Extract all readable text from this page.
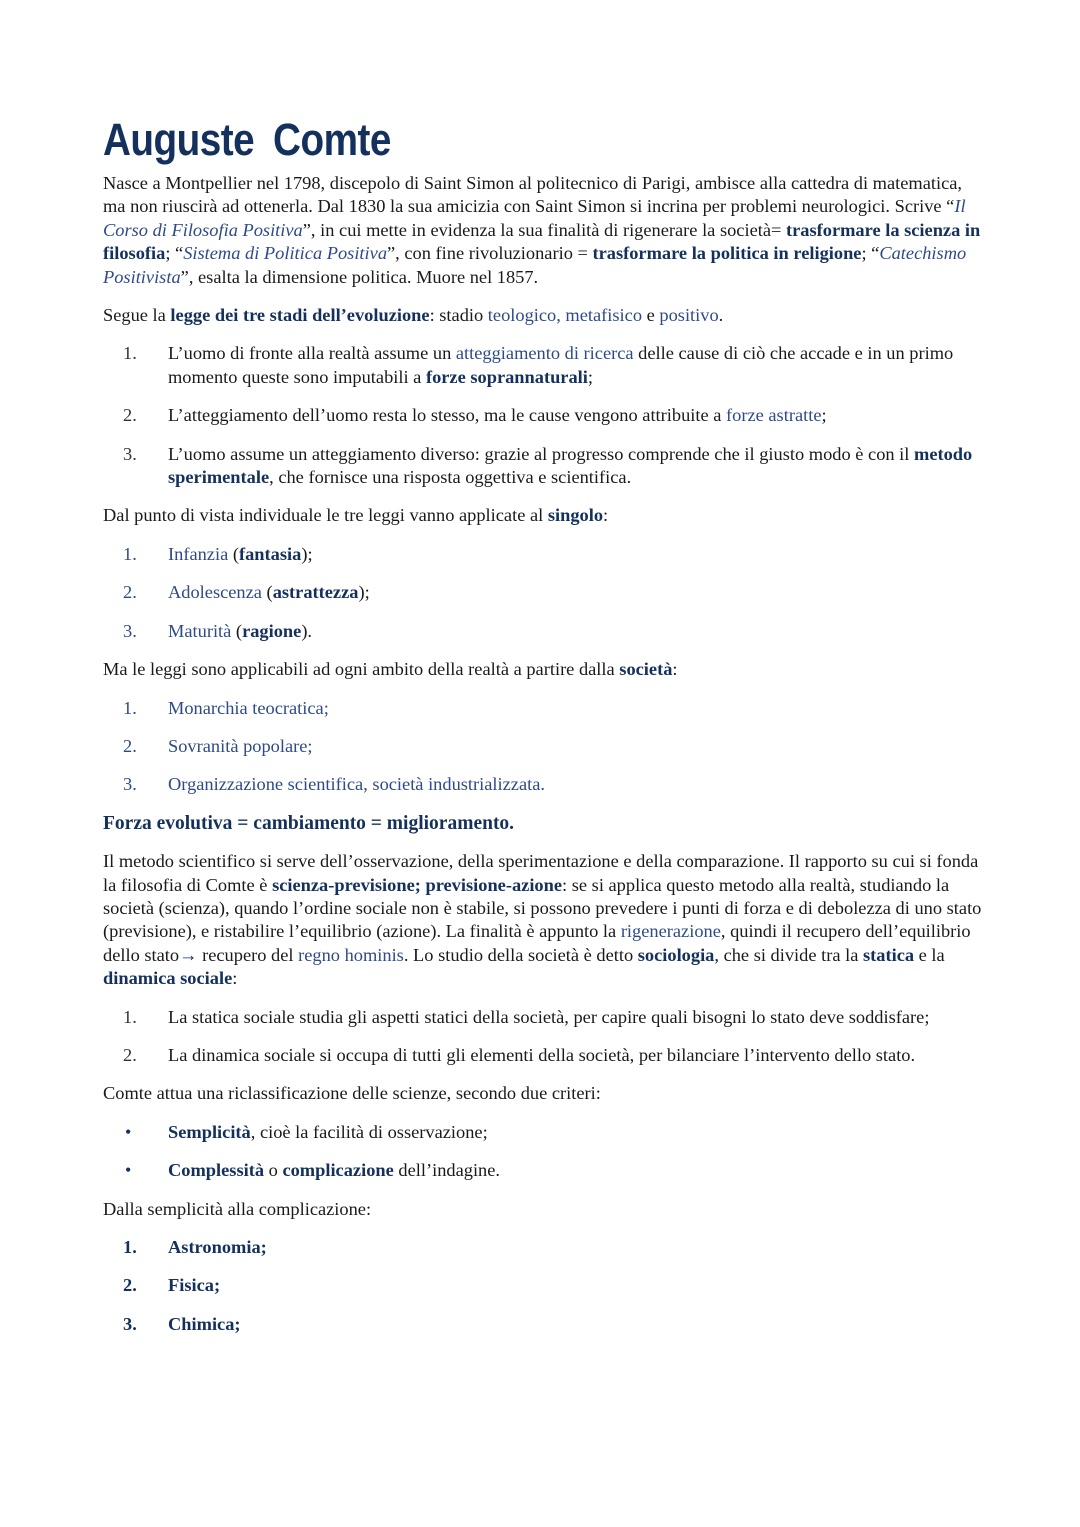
Auguste Comte

Nasce a Montpellier nel 1798, discepolo di Saint Simon al politecnico di Parigi, ambisce alla cattedra di matematica, ma non riuscirà ad ottenerla. Dal 1830 la sua amicizia con Saint Simon si incrina per problemi neurologici. Scrive “Il Corso di Filosofia Positiva”, in cui mette in evidenza la sua finalità di rigenerare la società= trasformare la scienza in filosofia; “Sistema di Politica Positiva”, con fine rivoluzionario = trasformare la politica in religione; “Catechismo Positivista”, esalta la dimensione politica. Muore nel 1857.

Segue la legge dei tre stadi dell’evoluzione: stadio teologico, metafisico e positivo.

1. L’uomo di fronte alla realtà assume un atteggiamento di ricerca delle cause di ciò che accade e in un primo momento queste sono imputabili a forze soprannaturali;
2. L’atteggiamento dell’uomo resta lo stesso, ma le cause vengono attribuite a forze astratte;
3. L’uomo assume un atteggiamento diverso: grazie al progresso comprende che il giusto modo è con il metodo sperimentale, che fornisce una risposta oggettiva e scientifica.

Dal punto di vista individuale le tre leggi vanno applicate al singolo:

1. Infanzia (fantasia);
2. Adolescenza (astrattezza);
3. Maturità (ragione).

Ma le leggi sono applicabili ad ogni ambito della realtà a partire dalla società:

1. Monarchia teocratica;
2. Sovranità popolare;
3. Organizzazione scientifica, società industrializzata.

Forza evolutiva = cambiamento = miglioramento.

Il metodo scientifico si serve dell’osservazione, della sperimentazione e della comparazione. Il rapporto su cui si fonda la filosofia di Comte è scienza-previsione; previsione-azione: se si applica questo metodo alla realtà, studiando la società (scienza), quando l’ordine sociale non è stabile, si possono prevedere i punti di forza e di debolezza di uno stato (previsione), e ristabilire l’equilibrio (azione). La finalità è appunto la rigenerazione, quindi il recupero dell’equilibrio dello stato→ recupero del regno hominis. Lo studio della società è detto sociologia, che si divide tra la statica e la dinamica sociale:

1. La statica sociale studia gli aspetti statici della società, per capire quali bisogni lo stato deve soddisfare;
2. La dinamica sociale si occupa di tutti gli elementi della società, per bilanciare l’intervento dello stato.

Comte attua una riclassificazione delle scienze, secondo due criteri:

• Semplicità, cioè la facilità di osservazione;
• Complessità o complicazione dell’indagine.

Dalla semplicità alla complicazione:

1. Astronomia;
2. Fisica;
3. Chimica;
